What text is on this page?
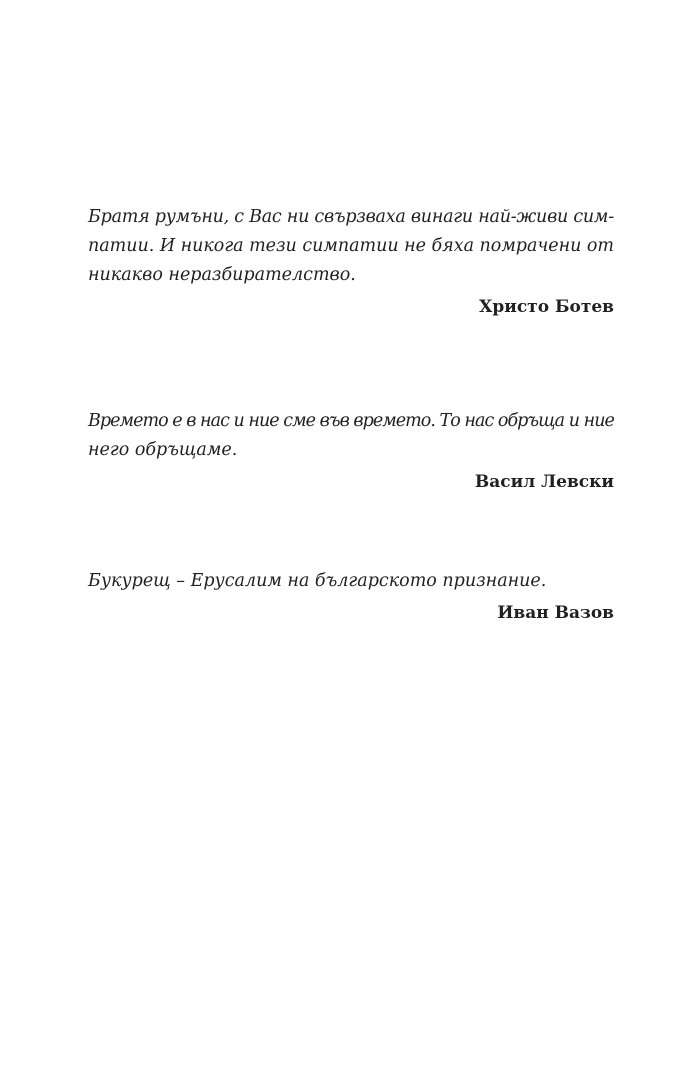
Братя румъни, с Вас ни свързваха винаги най-живи сим-
патии. И никога тези симпатии не бяха помрачени от
никакво неразбирателство.

Христо Ботев

Времето е в нас и ние сме във времето. То нас обръща и ние
него обръщаме.

Васил Левски

Букурещ – Ерусалим на българското признание.

Иван Вазов
